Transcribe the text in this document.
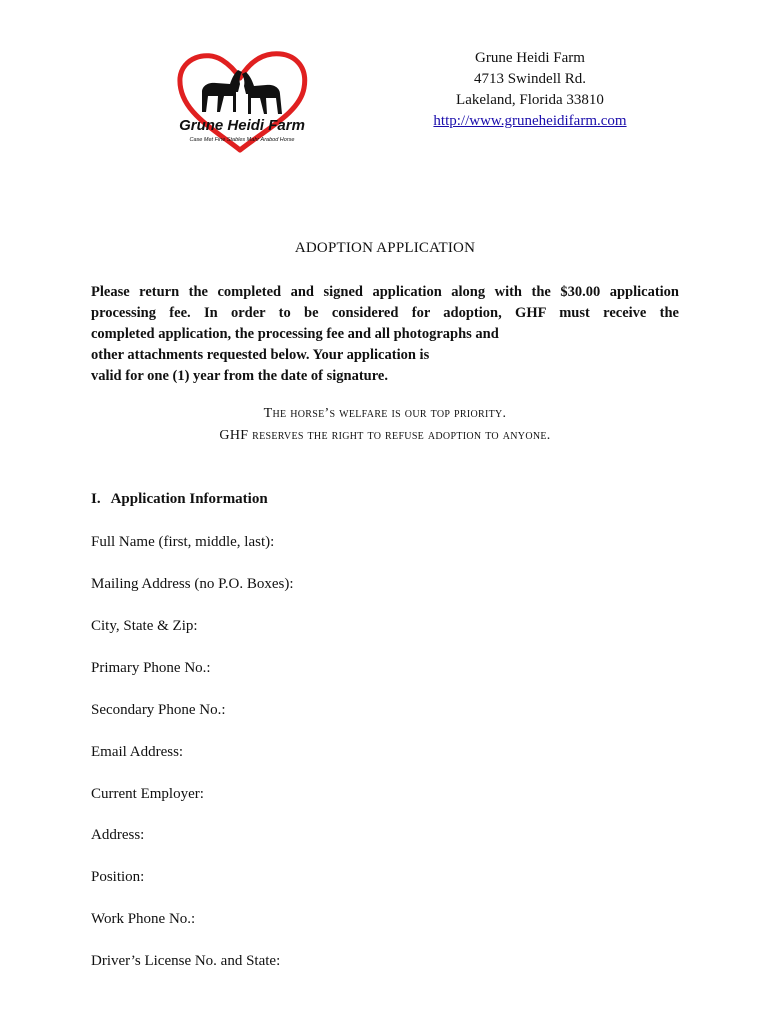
Grune Heidi Farm
Case Met Fine Stables Mahr Arabod Horse
Grune Heidi Farm
4713 Swindell Rd.
Lakeland, Florida 33810
http://www.gruneheidifarm.com
ADOPTION APPLICATION
Please return the completed and signed application along with the $30.00 application
processing fee. In order to be considered for adoption, GHF must receive the
completed application, the processing fee and all photographs and
other attachments requested below. Your application is
valid for one (1) year from the date of signature.
The horse’s welfare is our top priority.
GHF reserves the right to refuse adoption to anyone.
I. Application Information
Full Name (first, middle, last):
Mailing Address (no P.O. Boxes):
City, State & Zip:
Primary Phone No.:
Secondary Phone No.:
Email Address:
Current Employer:
Address:
Position:
Work Phone No.:
Driver’s License No. and State:
